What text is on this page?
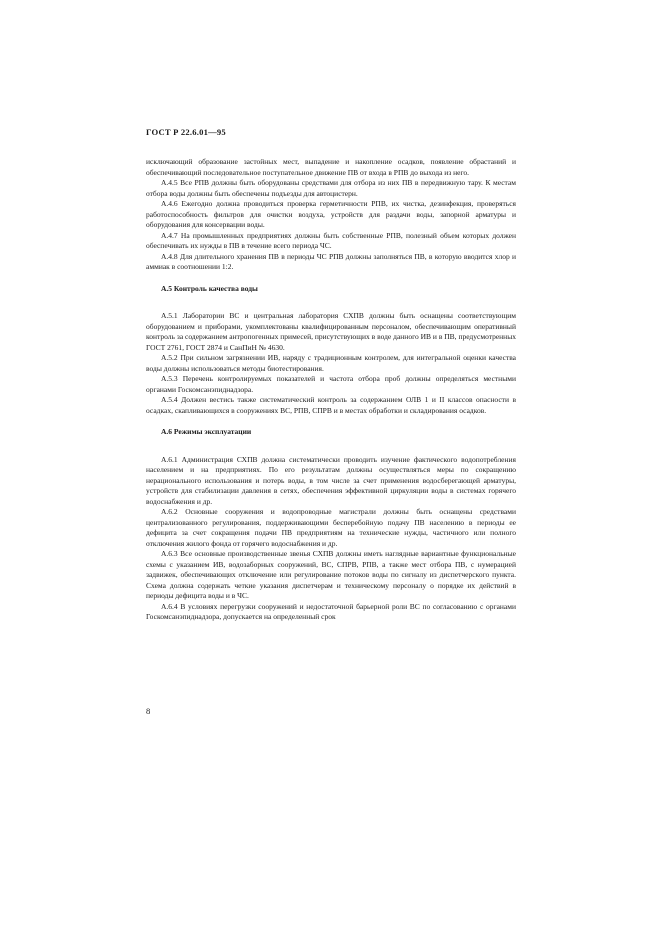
ГОСТ Р 22.6.01—95

исключающий образование застойных мест, выпадение и накопление осадков, появление обрастаний и обеспечивающий последовательное поступательное движение ПВ от входа в РПВ до выхода из него.

А.4.5 Все РПВ должны быть оборудованы средствами для отбора из них ПВ в передвижную тару. К местам отбора воды должны быть обеспечены подъезды для автоцистерн.

А.4.6 Ежегодно должна проводиться проверка герметичности РПВ, их чистка, дезинфекция, проверяться работоспособность фильтров для очистки воздуха, устройств для раздачи воды, запорной арматуры и оборудования для консервации воды.

А.4.7 На промышленных предприятиях должны быть собственные РПВ, полезный объем которых должен обеспечивать их нужды в ПВ в течение всего периода ЧС.

А.4.8 Для длительного хранения ПВ в периоды ЧС РПВ должны заполняться ПВ, в которую вводится хлор и аммиак в соотношении 1:2.

А.5 Контроль качества воды

А.5.1 Лаборатории ВС и центральная лаборатория СХПВ должны быть оснащены соответствующим оборудованием и приборами, укомплектованы квалифицированным персоналом, обеспечивающим оперативный контроль за содержанием антропогенных примесей, присутствующих в воде данного ИВ и в ПВ, предусмотренных ГОСТ 2761, ГОСТ 2874 и СанПиН № 4630.

А.5.2 При сильном загрязнении ИВ, наряду с традиционным контролем, для интегральной оценки качества воды должны использоваться методы биотестирования.

А.5.3 Перечень контролируемых показателей и частота отбора проб должны определяться местными органами Госкомсанэпиднадзора.

А.5.4 Должен вестись также систематический контроль за содержанием ОЛВ 1 и II классов опасности в осадках, скапливающихся в сооружениях ВС, РПВ, СПРВ и в местах обработки и складирования осадков.

А.6 Режимы эксплуатации

А.6.1 Администрация СХПВ должна систематически проводить изучение фактического водопотребления населением и на предприятиях. По его результатам должны осуществляться меры по сокращению нерационального использования и потерь воды, в том числе за счет применения водосберегающей арматуры, устройств для стабилизации давления в сетях, обеспечения эффективной циркуляции воды в системах горячего водоснабжения и др.

А.6.2 Основные сооружения и водопроводные магистрали должны быть оснащены средствами централизованного регулирования, поддерживающими бесперебойную подачу ПВ населению в периоды ее дефицита за счет сокращения подачи ПВ предприятиям на технические нужды, частичного или полного отключения жилого фонда от горячего водоснабжения и др.

А.6.3 Все основные производственные звенья СХПВ должны иметь наглядные вариантные функциональные схемы с указанием ИВ, водозаборных сооружений, ВС, СПРВ, РПВ, а также мест отбора ПВ, с нумерацией задвижек, обеспечивающих отключение или регулирование потоков воды по сигналу из диспетчерского пункта. Схема должна содержать четкие указания диспетчерам и техническому персоналу о порядке их действий в периоды дефицита воды и в ЧС.

А.6.4 В условиях перегрузки сооружений и недостаточной барьерной роли ВС по согласованию с органами Госкомсанэпиднадзора, допускается на определенный срок

8
